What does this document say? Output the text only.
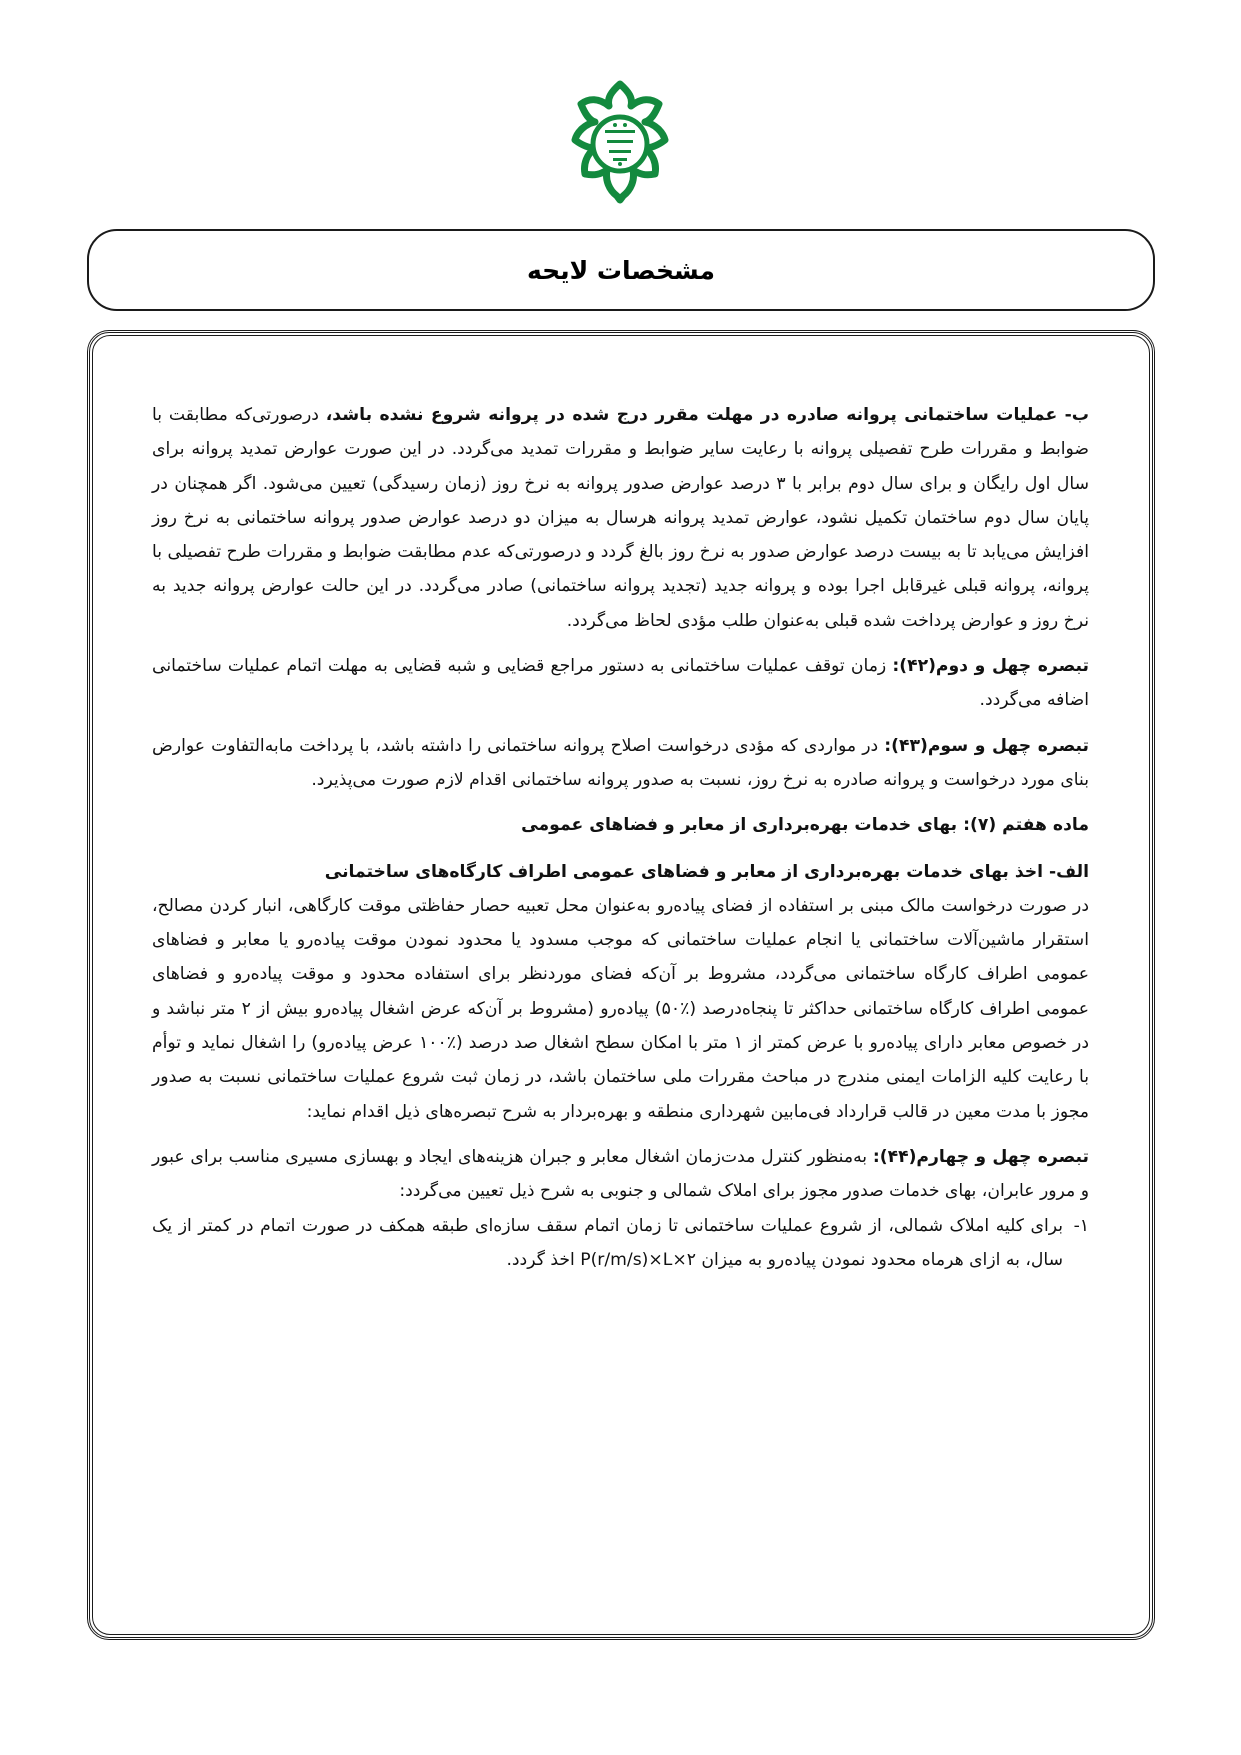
مشخصات لایحه

ب- عملیات ساختمانی پروانه صادره در مهلت مقرر درج شده در پروانه شروع نشده باشد، درصورتی‌که مطابقت با ضوابط و مقررات طرح تفصیلی پروانه با رعایت سایر ضوابط و مقررات تمدید می‌گردد. در این صورت عوارض تمدید پروانه برای سال اول رایگان و برای سال دوم برابر با ۳ درصد عوارض صدور پروانه به نرخ روز (زمان رسیدگی) تعیین می‌شود. اگر همچنان در پایان سال دوم ساختمان تکمیل نشود، عوارض تمدید پروانه هرسال به میزان دو درصد عوارض صدور پروانه ساختمانی به نرخ روز افزایش می‌یابد تا به بیست درصد عوارض صدور به نرخ روز بالغ گردد و درصورتی‌که عدم مطابقت ضوابط و مقررات طرح تفصیلی با پروانه، پروانه قبلی غیرقابل اجرا بوده و پروانه جدید (تجدید پروانه ساختمانی) صادر می‌گردد. در این حالت عوارض پروانه جدید به نرخ روز و عوارض پرداخت شده قبلی به‌عنوان طلب مؤدی لحاظ می‌گردد.

تبصره چهل و دوم(۴۲): زمان توقف عملیات ساختمانی به دستور مراجع قضایی و شبه قضایی به مهلت اتمام عملیات ساختمانی اضافه می‌گردد.

تبصره چهل و سوم(۴۳): در مواردی که مؤدی درخواست اصلاح پروانه ساختمانی را داشته باشد، با پرداخت مابه‌التفاوت عوارض بنای مورد درخواست و پروانه صادره به نرخ روز، نسبت به صدور پروانه ساختمانی اقدام لازم صورت می‌پذیرد.

ماده هفتم (۷): بهای خدمات بهره‌برداری از معابر و فضاهای عمومی

الف- اخذ بهای خدمات بهره‌برداری از معابر و فضاهای عمومی اطراف کارگاه‌های ساختمانی

در صورت درخواست مالک مبنی بر استفاده از فضای پیاده‌رو به‌عنوان محل تعبیه حصار حفاظتی موقت کارگاهی، انبار کردن مصالح، استقرار ماشین‌آلات ساختمانی یا انجام عملیات ساختمانی که موجب مسدود یا محدود نمودن موقت پیاده‌رو یا معابر و فضاهای عمومی اطراف کارگاه ساختمانی می‌گردد، مشروط بر آن‌که فضای موردنظر برای استفاده محدود و موقت پیاده‌رو و فضاهای عمومی اطراف کارگاه ساختمانی حداکثر تا پنجاه‌درصد (٪۵۰) پیاده‌رو (مشروط بر آن‌که عرض اشغال پیاده‌رو بیش از ۲ متر نباشد و در خصوص معابر دارای پیاده‌رو با عرض کمتر از ۱ متر با امکان سطح اشغال صد درصد (٪۱۰۰ عرض پیاده‌رو) را اشغال نماید و توأم با رعایت کلیه الزامات ایمنی مندرج در مباحث مقررات ملی ساختمان باشد، در زمان ثبت شروع عملیات ساختمانی نسبت به صدور مجوز با مدت معین در قالب قرارداد فی‌مابین شهرداری منطقه و بهره‌بردار به شرح تبصره‌های ذیل اقدام نماید:

تبصره چهل و چهارم(۴۴): به‌منظور کنترل مدت‌زمان اشغال معابر و جبران هزینه‌های ایجاد و بهسازی مسیری مناسب برای عبور و مرور عابران، بهای خدمات صدور مجوز برای املاک شمالی و جنوبی به شرح ذیل تعیین می‌گردد:

۱-
برای کلیه املاک شمالی، از شروع عملیات ساختمانی تا زمان اتمام سقف سازه‌ای طبقه همکف در صورت اتمام در کمتر از یک سال، به ازای هرماه محدود نمودن پیاده‌رو به میزان P(r/m/s)×L×۲ اخذ گردد.
